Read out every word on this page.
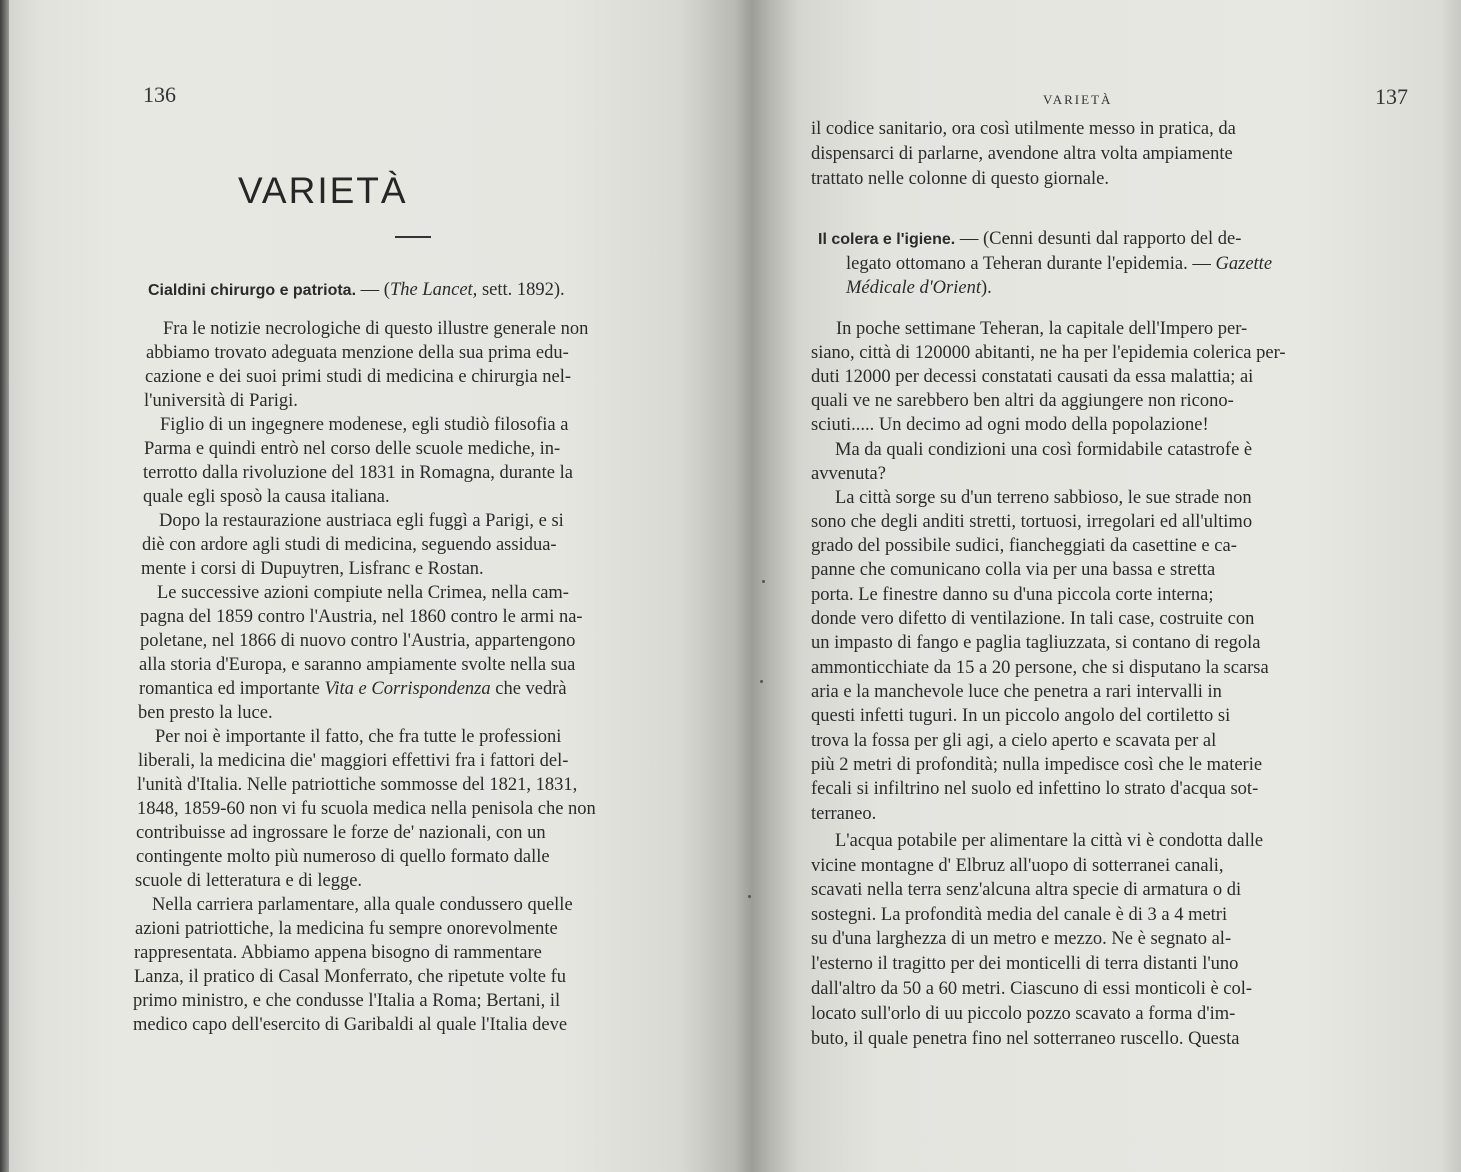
136
VARIETÀ
Cialdini chirurgo e patriota. — (The Lancet, sett. 1892).
Fra le notizie necrologiche di questo illustre generale non
abbiamo trovato adeguata menzione della sua prima edu-
cazione e dei suoi primi studi di medicina e chirurgia nel-
l'università di Parigi.
Figlio di un ingegnere modenese, egli studiò filosofia a
Parma e quindi entrò nel corso delle scuole mediche, in-
terrotto dalla rivoluzione del 1831 in Romagna, durante la
quale egli sposò la causa italiana.
Dopo la restaurazione austriaca egli fuggì a Parigi, e si
diè con ardore agli studi di medicina, seguendo assidua-
mente i corsi di Dupuytren, Lisfranc e Rostan.
Le successive azioni compiute nella Crimea, nella cam-
pagna del 1859 contro l'Austria, nel 1860 contro le armi na-
poletane, nel 1866 di nuovo contro l'Austria, appartengono
alla storia d'Europa, e saranno ampiamente svolte nella sua
romantica ed importante Vita e Corrispondenza che vedrà
ben presto la luce.
Per noi è importante il fatto, che fra tutte le professioni
liberali, la medicina die' maggiori effettivi fra i fattori del-
l'unità d'Italia. Nelle patriottiche sommosse del 1821, 1831,
1848, 1859-60 non vi fu scuola medica nella penisola che non
contribuisse ad ingrossare le forze de' nazionali, con un
contingente molto più numeroso di quello formato dalle
scuole di letteratura e di legge.
Nella carriera parlamentare, alla quale condussero quelle
azioni patriottiche, la medicina fu sempre onorevolmente
rappresentata. Abbiamo appena bisogno di rammentare
Lanza, il pratico di Casal Monferrato, che ripetute volte fu
primo ministro, e che condusse l'Italia a Roma; Bertani, il
medico capo dell'esercito di Garibaldi al quale l'Italia deve
VARIETÀ	137
il codice sanitario, ora così utilmente messo in pratica, da
dispensarci di parlarne, avendone altra volta ampiamente
trattato nelle colonne di questo giornale.
Il colera e l'igiene. — (Cenni desunti dal rapporto del de-
legato ottomano a Teheran durante l'epidemia. — Gazette
Médicale d'Orient).
In poche settimane Teheran, la capitale dell'Impero per-
siano, città di 120000 abitanti, ne ha per l'epidemia colerica per-
duti 12000 per decessi constatati causati da essa malattia; ai
quali ve ne sarebbero ben altri da aggiungere non ricono-
sciuti..... Un decimo ad ogni modo della popolazione!
Ma da quali condizioni una così formidabile catastrofe è
avvenuta?
La città sorge su d'un terreno sabbioso, le sue strade non
sono che degli anditi stretti, tortuosi, irregolari ed all'ultimo
grado del possibile sudici, fiancheggiati da casettine e ca-
panne che comunicano colla via per una bassa e stretta
porta. Le finestre danno su d'una piccola corte interna;
donde vero difetto di ventilazione. In tali case, costruite con
un impasto di fango e paglia tagliuzzata, si contano di regola
ammonticchiate da 15 a 20 persone, che si disputano la scarsa
aria e la manchevole luce che penetra a rari intervalli in
questi infetti tuguri. In un piccolo angolo del cortiletto si
trova la fossa per gli agi, a cielo aperto e scavata per al
più 2 metri di profondità; nulla impedisce così che le materie
fecali si infiltrino nel suolo ed infettino lo strato d'acqua sot-
terraneo.
L'acqua potabile per alimentare la città vi è condotta dalle
vicine montagne d' Elbruz all'uopo di sotterranei canali,
scavati nella terra senz'alcuna altra specie di armatura o di
sostegni. La profondità media del canale è di 3 a 4 metri
su d'una larghezza di un metro e mezzo. Ne è segnato al-
l'esterno il tragitto per dei monticelli di terra distanti l'uno
dall'altro da 50 a 60 metri. Ciascuno di essi monticoli è col-
locato sull'orlo di uu piccolo pozzo scavato a forma d'im-
buto, il quale penetra fino nel sotterraneo ruscello. Questa
